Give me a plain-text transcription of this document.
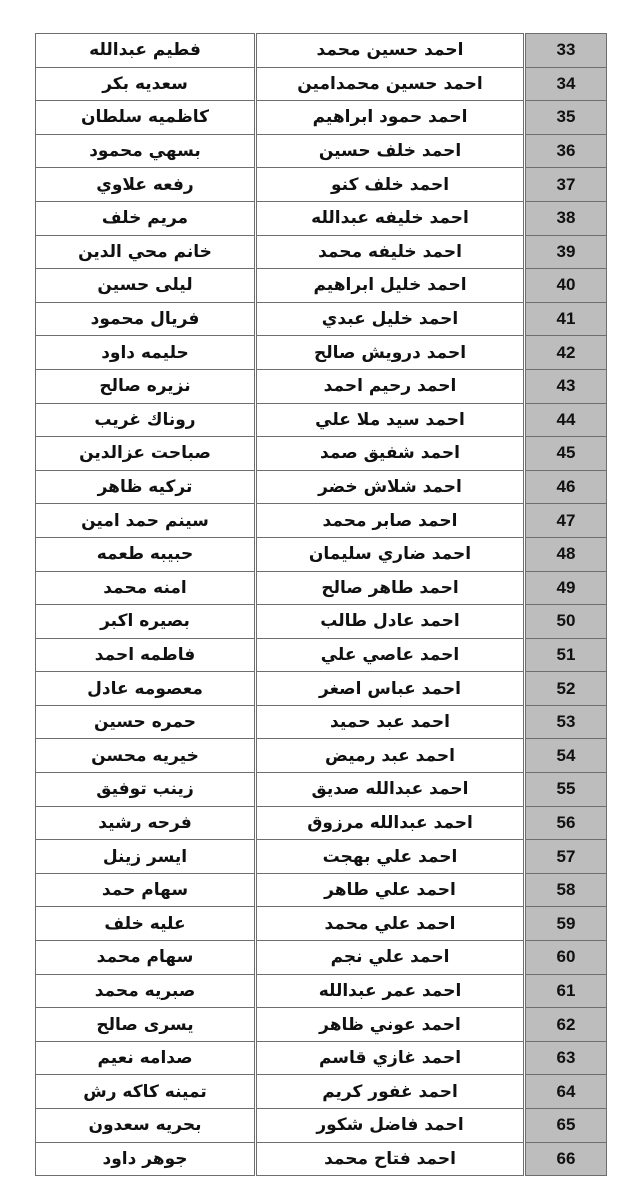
فطيم عبدالله	احمد حسين محمد	33
سعديه بكر	احمد حسين محمدامين	34
كاظميه سلطان	احمد حمود ابراهيم	35
بسهي محمود	احمد خلف حسين	36
رفعه علاوي	احمد خلف كنو	37
مريم خلف	احمد خليفه عبدالله	38
خانم محي الدين	احمد خليفه محمد	39
ليلى حسين	احمد خليل ابراهيم	40
فريال محمود	احمد خليل عبدي	41
حليمه داود	احمد درويش صالح	42
نزيره صالح	احمد رحيم احمد	43
روناك غريب	احمد سيد ملا علي	44
صباحت عزالدين	احمد شفيق صمد	45
تركيه ظاهر	احمد شلاش خضر	46
سينم حمد امين	احمد صابر محمد	47
حبيبه طعمه	احمد ضاري سليمان	48
امنه محمد	احمد طاهر صالح	49
بصيره اكبر	احمد عادل طالب	50
فاطمه احمد	احمد عاصي علي	51
معصومه عادل	احمد عباس اصغر	52
حمره حسين	احمد عبد حميد	53
خيريه محسن	احمد عبد رميض	54
زينب توفيق	احمد عبدالله صديق	55
فرحه رشيد	احمد عبدالله مرزوق	56
ايسر زينل	احمد علي بهجت	57
سهام حمد	احمد علي طاهر	58
عليه خلف	احمد علي محمد	59
سهام محمد	احمد علي نجم	60
صبريه محمد	احمد عمر عبدالله	61
يسرى صالح	احمد عوني ظاهر	62
صدامه نعيم	احمد غازي قاسم	63
تمينه كاكه رش	احمد غفور كريم	64
بحريه سعدون	احمد فاضل شكور	65
جوهر داود	احمد فتاح محمد	66
